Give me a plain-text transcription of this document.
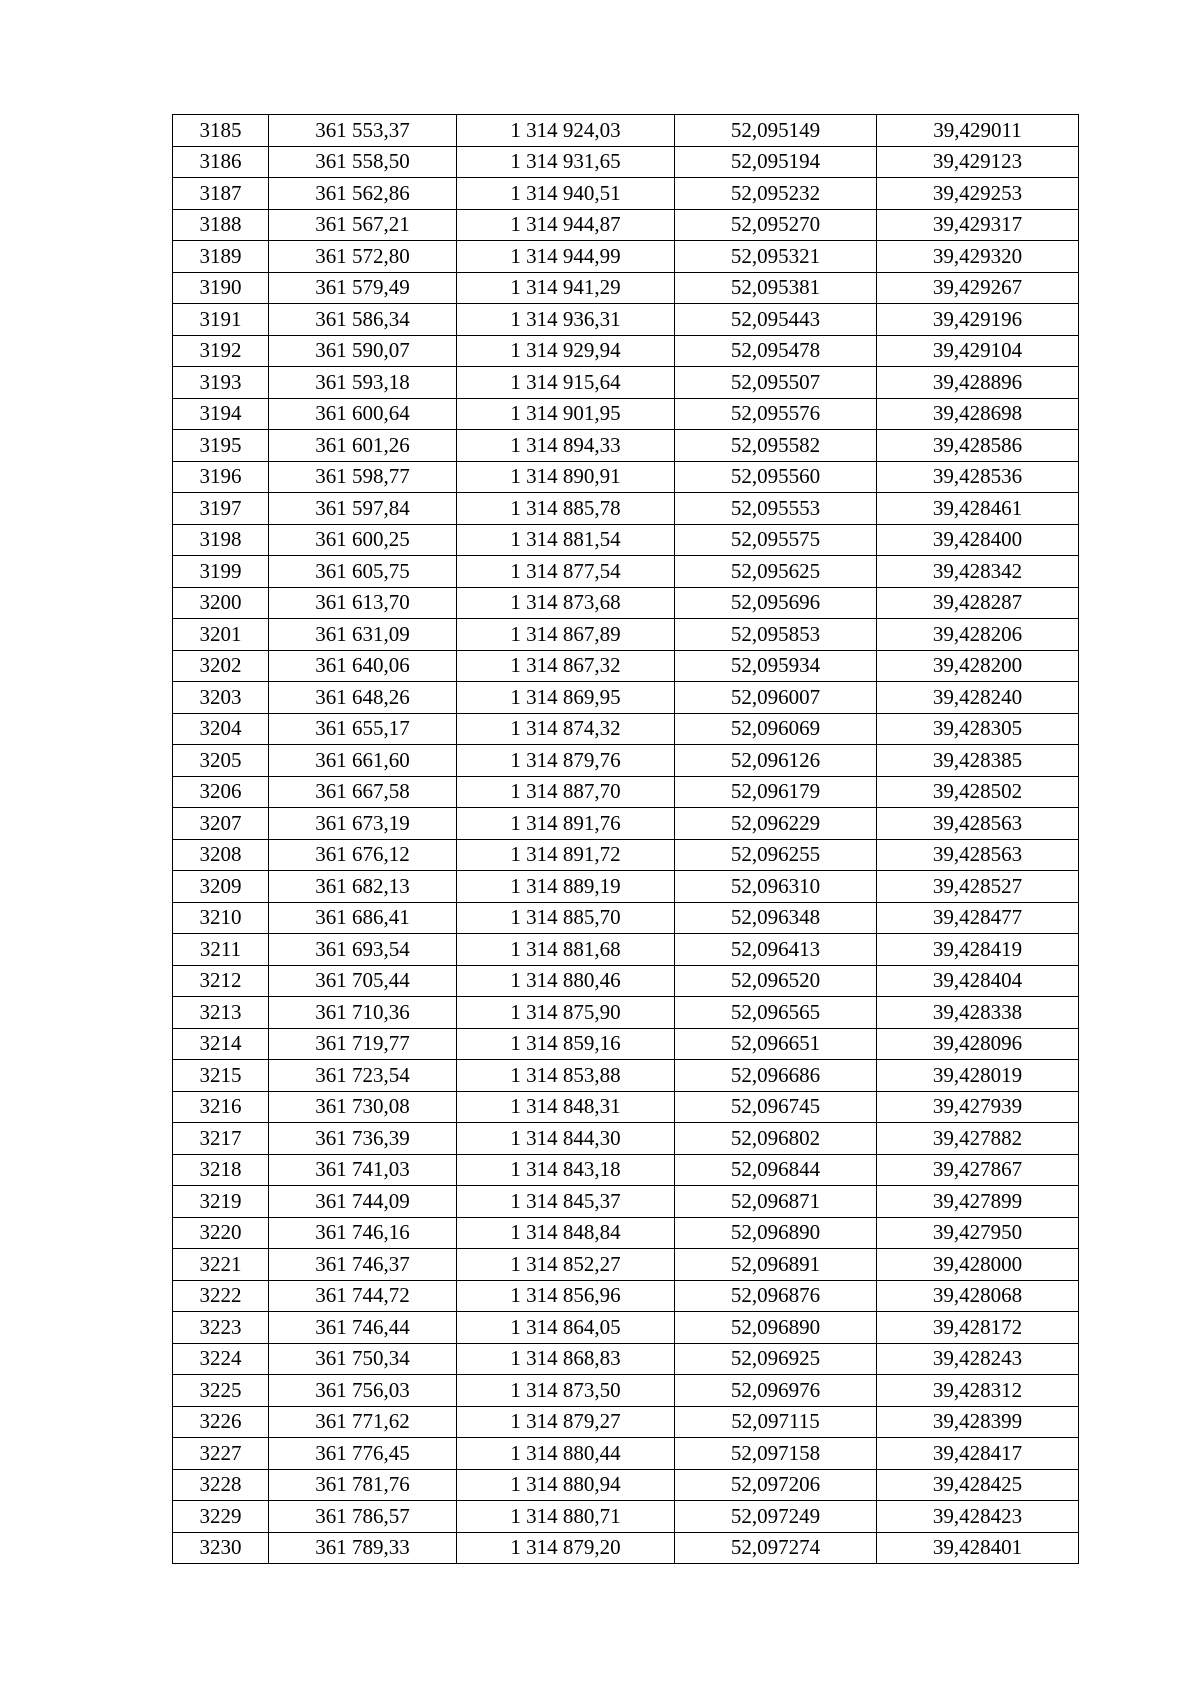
3185	361 553,37	1 314 924,03	52,095149	39,429011
3186	361 558,50	1 314 931,65	52,095194	39,429123
3187	361 562,86	1 314 940,51	52,095232	39,429253
3188	361 567,21	1 314 944,87	52,095270	39,429317
3189	361 572,80	1 314 944,99	52,095321	39,429320
3190	361 579,49	1 314 941,29	52,095381	39,429267
3191	361 586,34	1 314 936,31	52,095443	39,429196
3192	361 590,07	1 314 929,94	52,095478	39,429104
3193	361 593,18	1 314 915,64	52,095507	39,428896
3194	361 600,64	1 314 901,95	52,095576	39,428698
3195	361 601,26	1 314 894,33	52,095582	39,428586
3196	361 598,77	1 314 890,91	52,095560	39,428536
3197	361 597,84	1 314 885,78	52,095553	39,428461
3198	361 600,25	1 314 881,54	52,095575	39,428400
3199	361 605,75	1 314 877,54	52,095625	39,428342
3200	361 613,70	1 314 873,68	52,095696	39,428287
3201	361 631,09	1 314 867,89	52,095853	39,428206
3202	361 640,06	1 314 867,32	52,095934	39,428200
3203	361 648,26	1 314 869,95	52,096007	39,428240
3204	361 655,17	1 314 874,32	52,096069	39,428305
3205	361 661,60	1 314 879,76	52,096126	39,428385
3206	361 667,58	1 314 887,70	52,096179	39,428502
3207	361 673,19	1 314 891,76	52,096229	39,428563
3208	361 676,12	1 314 891,72	52,096255	39,428563
3209	361 682,13	1 314 889,19	52,096310	39,428527
3210	361 686,41	1 314 885,70	52,096348	39,428477
3211	361 693,54	1 314 881,68	52,096413	39,428419
3212	361 705,44	1 314 880,46	52,096520	39,428404
3213	361 710,36	1 314 875,90	52,096565	39,428338
3214	361 719,77	1 314 859,16	52,096651	39,428096
3215	361 723,54	1 314 853,88	52,096686	39,428019
3216	361 730,08	1 314 848,31	52,096745	39,427939
3217	361 736,39	1 314 844,30	52,096802	39,427882
3218	361 741,03	1 314 843,18	52,096844	39,427867
3219	361 744,09	1 314 845,37	52,096871	39,427899
3220	361 746,16	1 314 848,84	52,096890	39,427950
3221	361 746,37	1 314 852,27	52,096891	39,428000
3222	361 744,72	1 314 856,96	52,096876	39,428068
3223	361 746,44	1 314 864,05	52,096890	39,428172
3224	361 750,34	1 314 868,83	52,096925	39,428243
3225	361 756,03	1 314 873,50	52,096976	39,428312
3226	361 771,62	1 314 879,27	52,097115	39,428399
3227	361 776,45	1 314 880,44	52,097158	39,428417
3228	361 781,76	1 314 880,94	52,097206	39,428425
3229	361 786,57	1 314 880,71	52,097249	39,428423
3230	361 789,33	1 314 879,20	52,097274	39,428401
